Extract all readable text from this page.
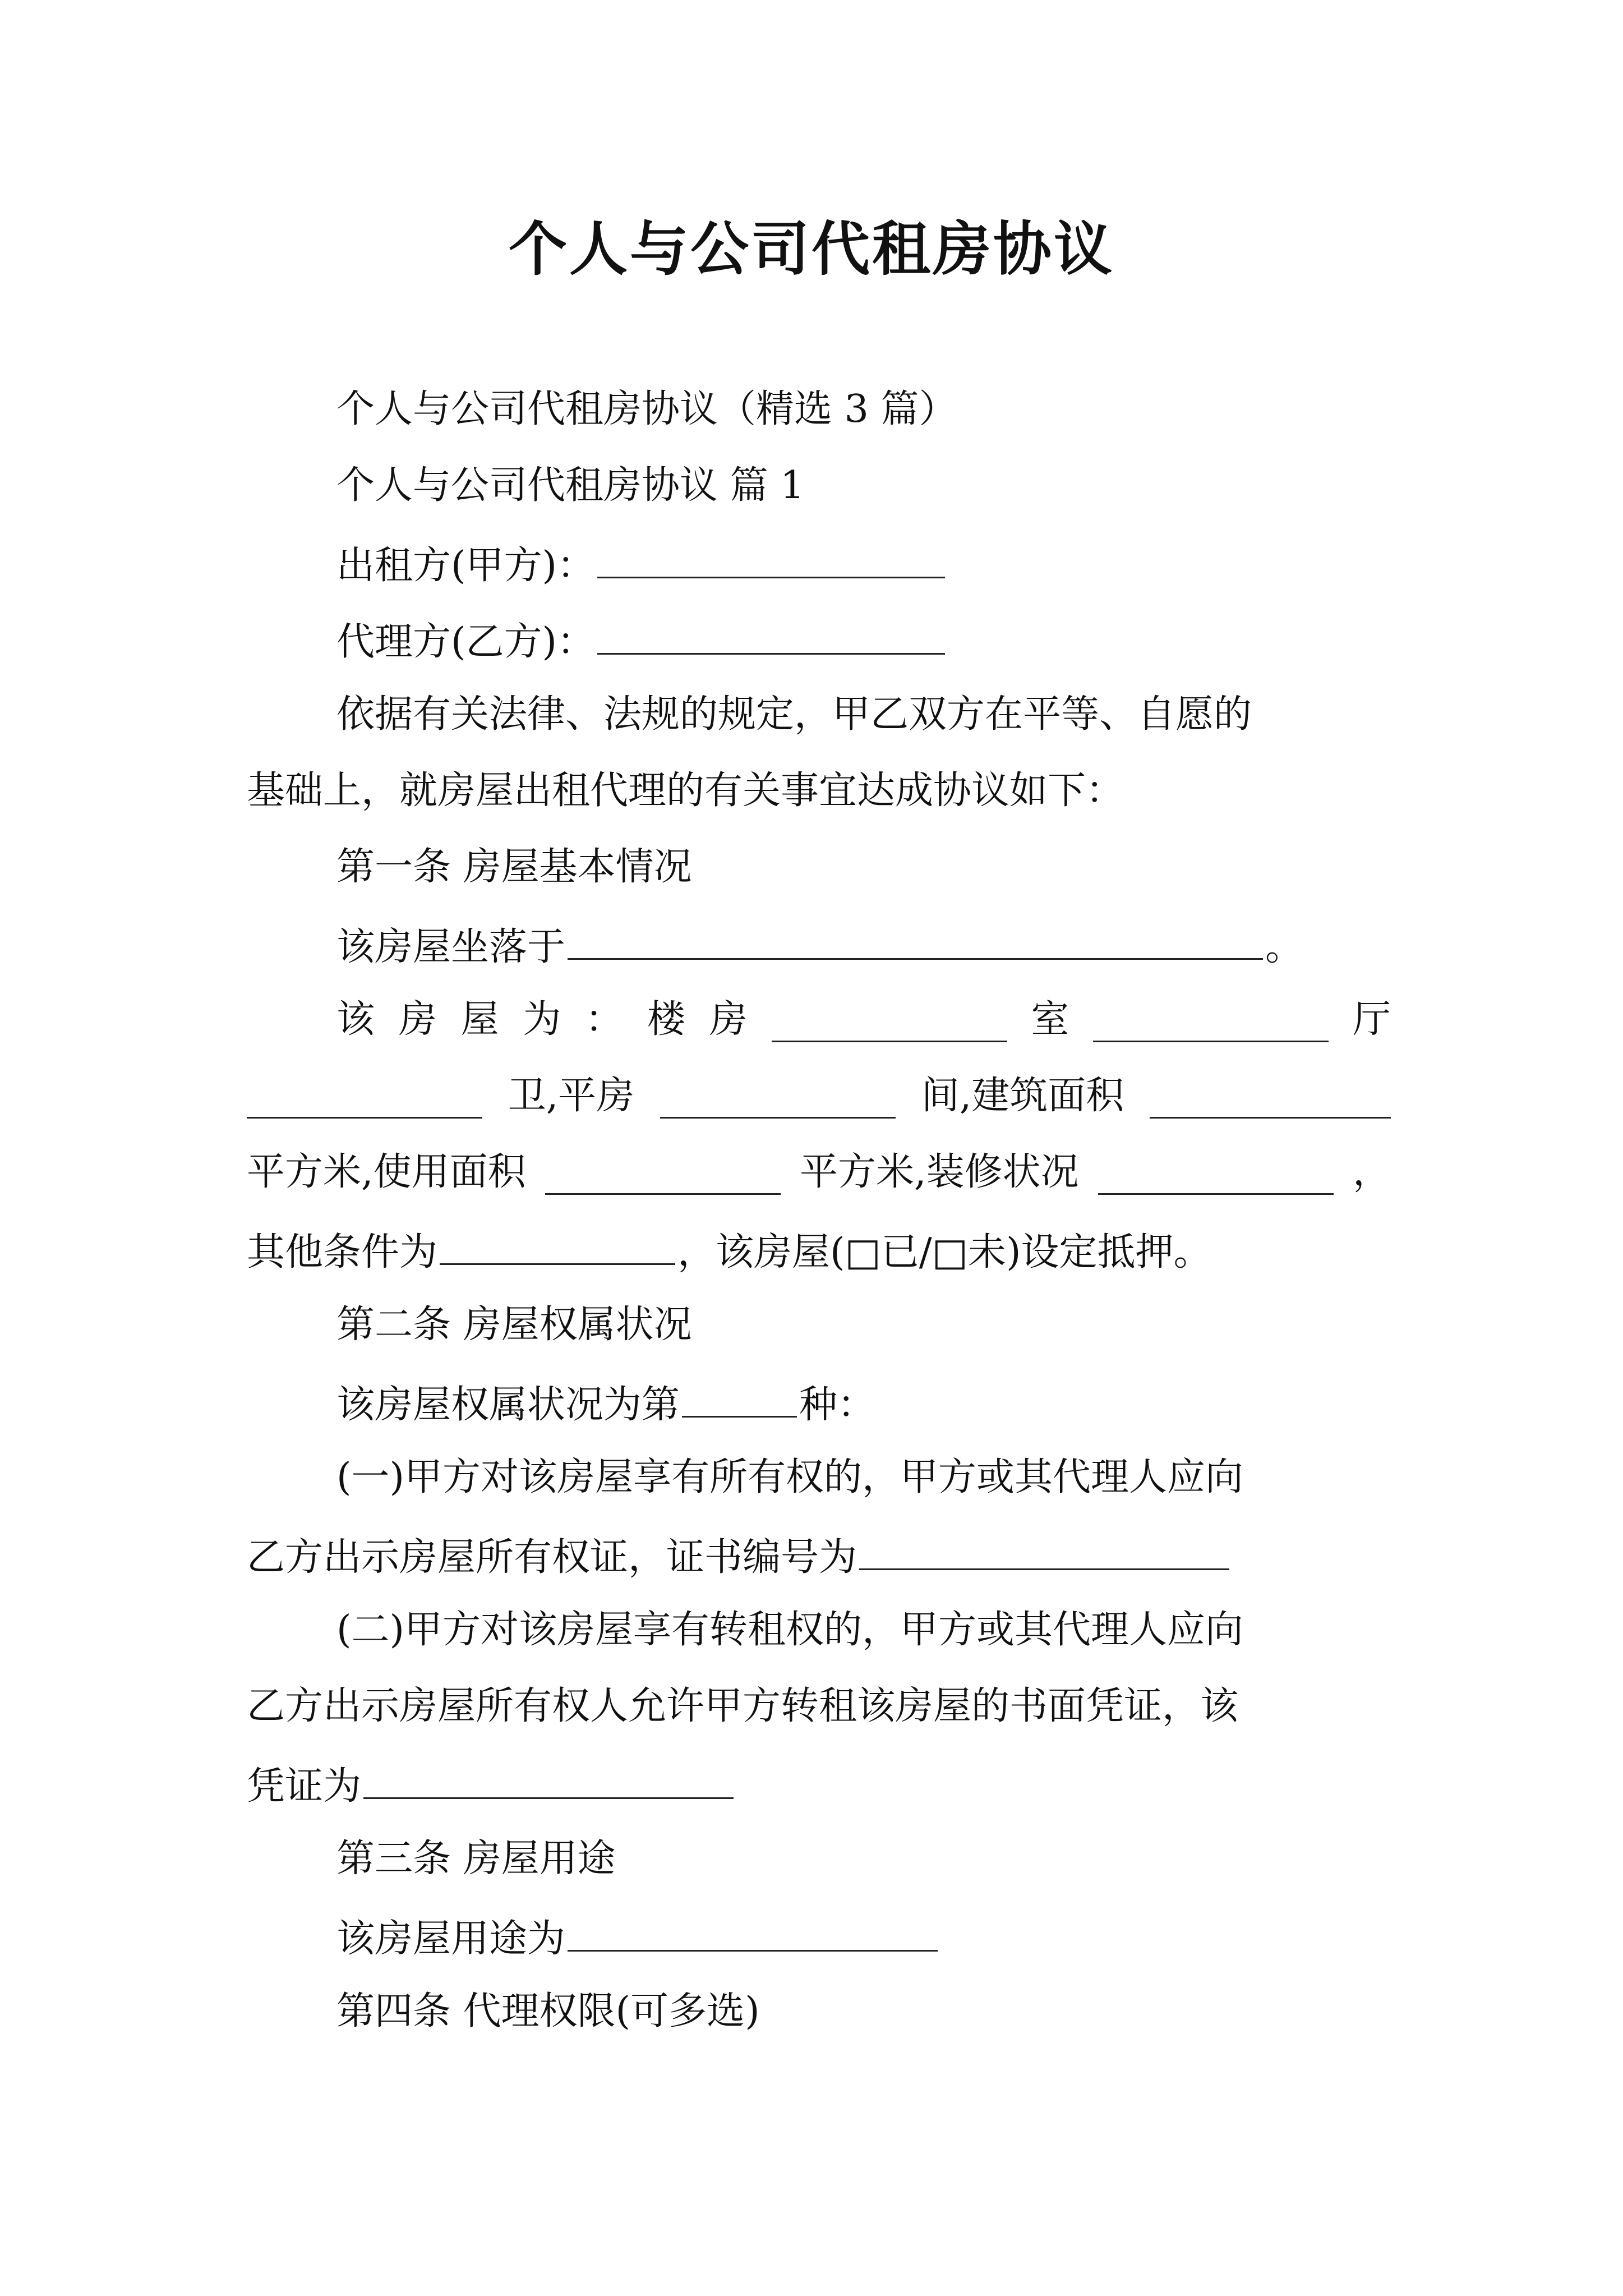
个人与公司代租房协议
个人与公司代租房协议（精选 3 篇）
个人与公司代租房协议 篇 1
出租方(甲方)：
代理方(乙方)：
依据有关法律、法规的规定，甲乙双方在平等、自愿的
基础上，就房屋出租代理的有关事宜达成协议如下：
第一条 房屋基本情况
该房屋坐落于	。
该 房 屋 为 ： 楼 房	室	厅
卫,平房	间,建筑面积
平方米,使用面积	平方米,装修状况	，
其他条件为	，该房屋(□已/□未)设定抵押。
第二条 房屋权属状况
该房屋权属状况为第	种：
(一)甲方对该房屋享有所有权的，甲方或其代理人应向
乙方出示房屋所有权证，证书编号为
(二)甲方对该房屋享有转租权的，甲方或其代理人应向
乙方出示房屋所有权人允许甲方转租该房屋的书面凭证，该
凭证为
第三条 房屋用途
该房屋用途为
第四条 代理权限(可多选)
